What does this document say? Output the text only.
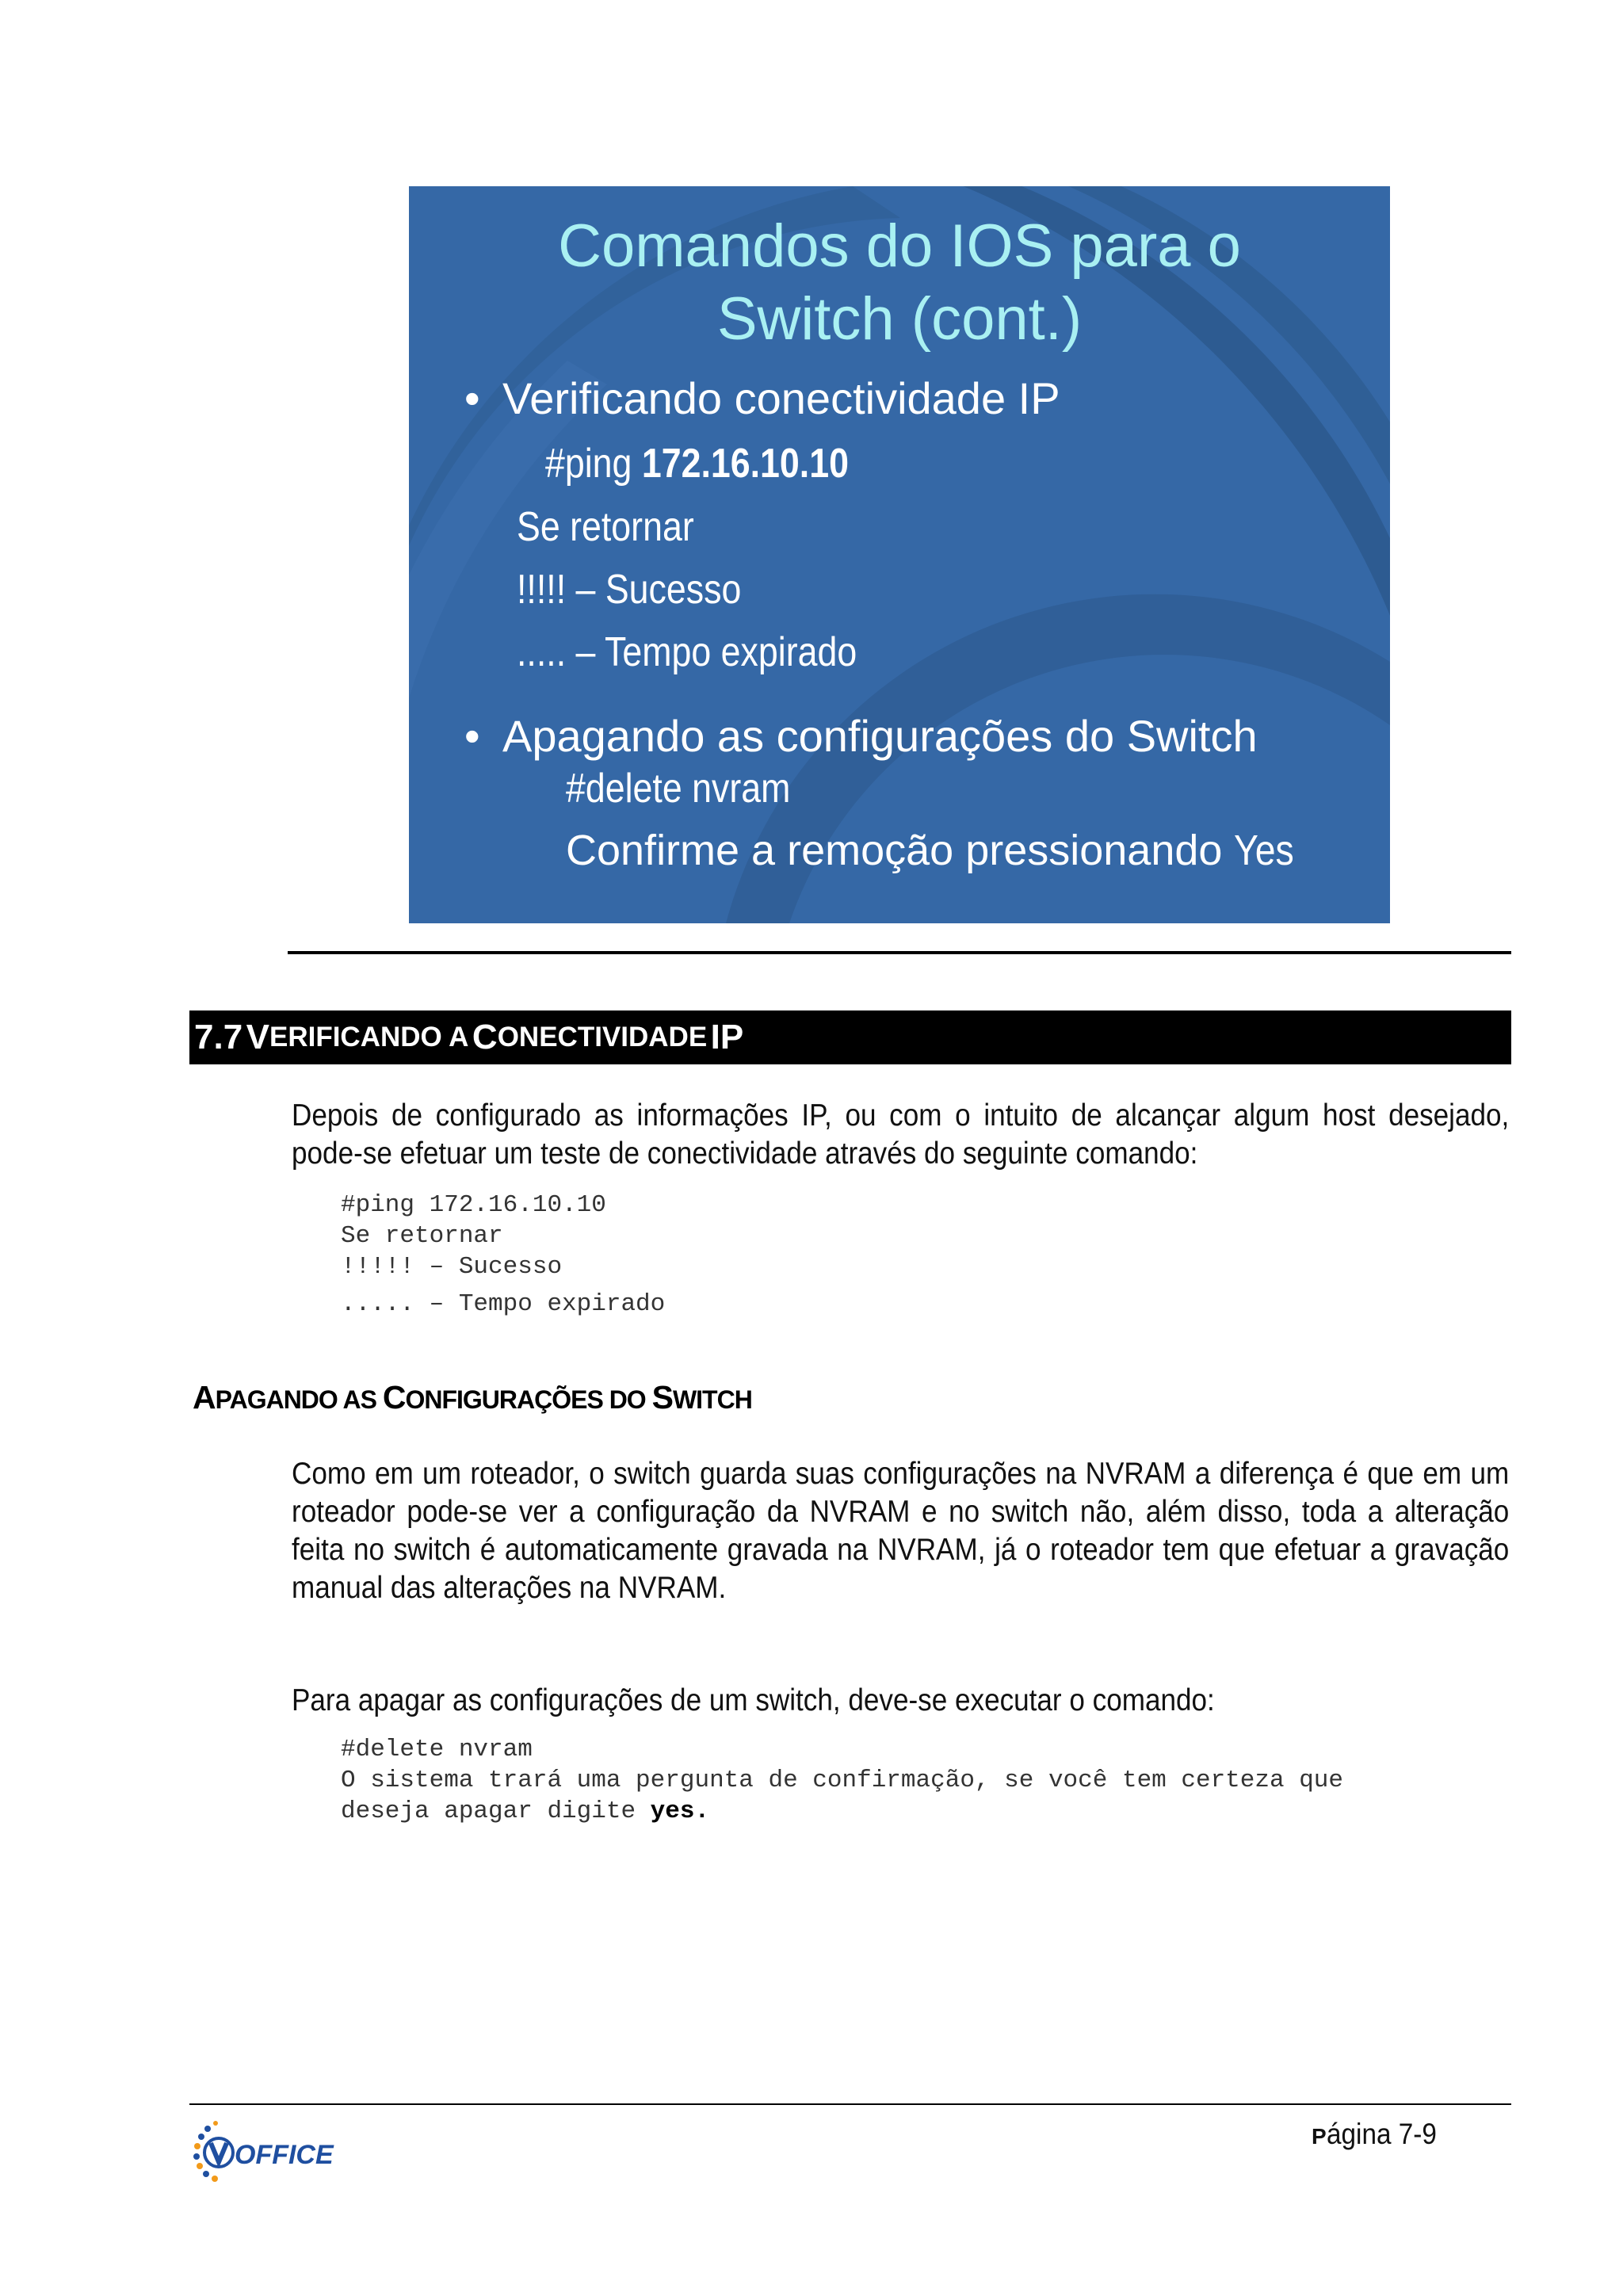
Comandos do IOS para o
Switch (cont.)
• Verificando conectividade IP
#ping 172.16.10.10
Se retornar
!!!!! – Sucesso
..... – Tempo expirado
• Apagando as configurações do Switch
#delete nvram
Confirme a remoção pressionando Yes
7.7
V ERIFICANDO A
C ONECTIVIDADE
IP
Depois de configurado as informações IP, ou com o intuito de alcançar algum host desejado, pode-se efetuar um teste de conectividade através do seguinte comando:
#ping 172.16.10.10
Se retornar
!!!!! – Sucesso
..... – Tempo expirado
APAGANDO AS CONFIGURAÇÕES DO SWITCH
Como em um roteador, o switch guarda suas configurações na NVRAM a diferença é que em um roteador pode-se ver a configuração da NVRAM e no switch não, além disso, toda a alteração feita no switch é automaticamente gravada na NVRAM, já o roteador tem que efetuar a gravação manual das alterações na NVRAM.
Para apagar as configurações de um switch, deve-se executar o comando:
#delete nvram
O sistema trará uma pergunta de confirmação, se você tem certeza que
deseja apagar digite yes.
OFFICE
Página 7-9
